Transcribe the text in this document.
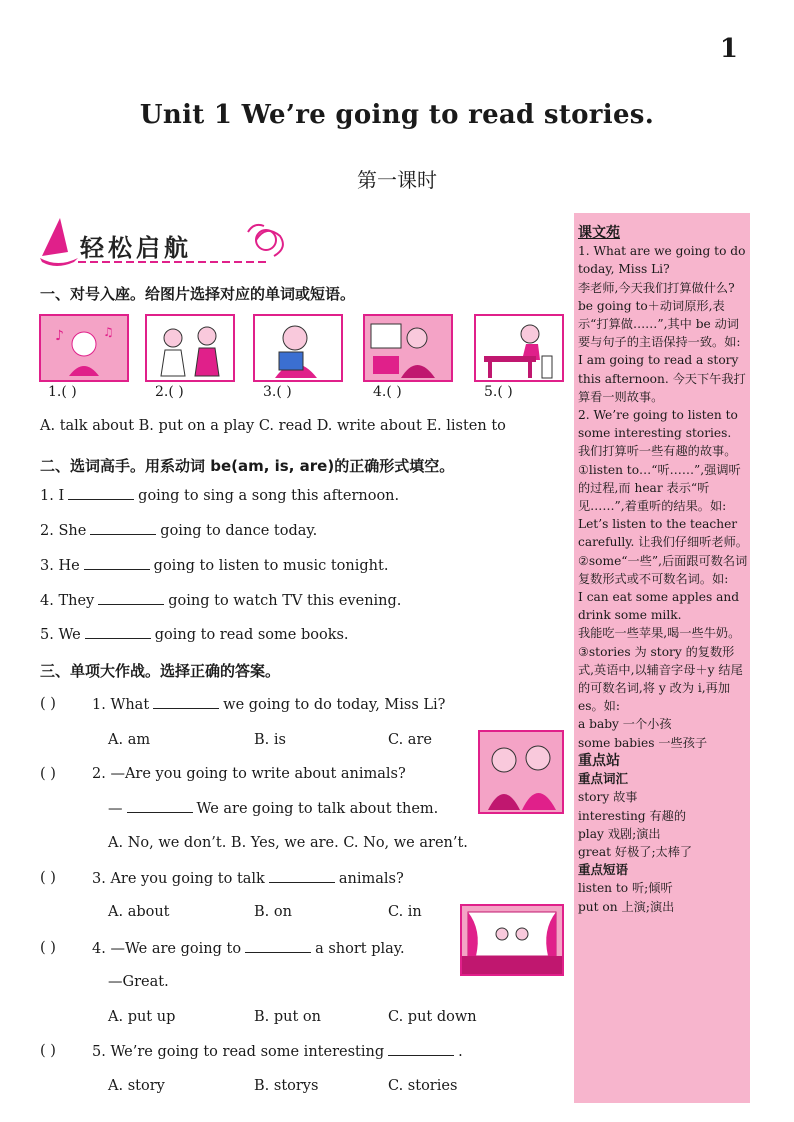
1
Unit 1 We’re going to read stories.
第一课时
轻松启航
一、对号入座。给图片选择对应的单词或短语。
♪	♫
1.( )	2.( )	3.( )	4.( )	5.( )
A. talk about B. put on a play C. read D. write about E. listen to
二、选词高手。用系动词 be(am, is, are)的正确形式填空。
1. I	going to sing a song this afternoon.
2. She	going to dance today.
3. He	going to listen to music tonight.
4. They	going to watch TV this evening.
5. We	going to read some books.
三、单项大作战。选择正确的答案。
( ) 1. What	we going to do today, Miss Li?
A. am	B. is	C. are
( ) 2. —Are you going to write about animals?
—	We are going to talk about them.
A. No, we don’t. B. Yes, we are. C. No, we aren’t.
( ) 3. Are you going to talk	animals?
A. about	B. on	C. in
( ) 4. —We are going to	a short play.
—Great.
A. put up	B. put on	C. put down
( ) 5. We’re going to read some interesting	.
A. story	B. storys	C. stories
课文苑

1. What are we going to do today, Miss Li?

李老师,今天我们打算做什么?

be going to＋动词原形,表示“打算做……”,其中 be 动词要与句子的主语保持一致。如:

I am going to read a story this afternoon. 今天下午我打算看一则故事。

2. We’re going to listen to some interesting stories.

我们打算听一些有趣的故事。

①listen to…“听……”,强调听的过程,而 hear 表示“听见……”,着重听的结果。如:

Let’s listen to the teacher carefully. 让我们仔细听老师。

②some“一些”,后面跟可数名词复数形式或不可数名词。如:

I can eat some apples and drink some milk.

我能吃一些苹果,喝一些牛奶。

③stories 为 story 的复数形式,英语中,以辅音字母＋y 结尾的可数名词,将 y 改为 i,再加 es。如:

a baby 一个小孩

some babies 一些孩子

重点站
重点词汇

story 故事

interesting 有趣的

play 戏剧;演出

great 好极了;太棒了

重点短语

listen to 听;倾听

put on 上演;演出
